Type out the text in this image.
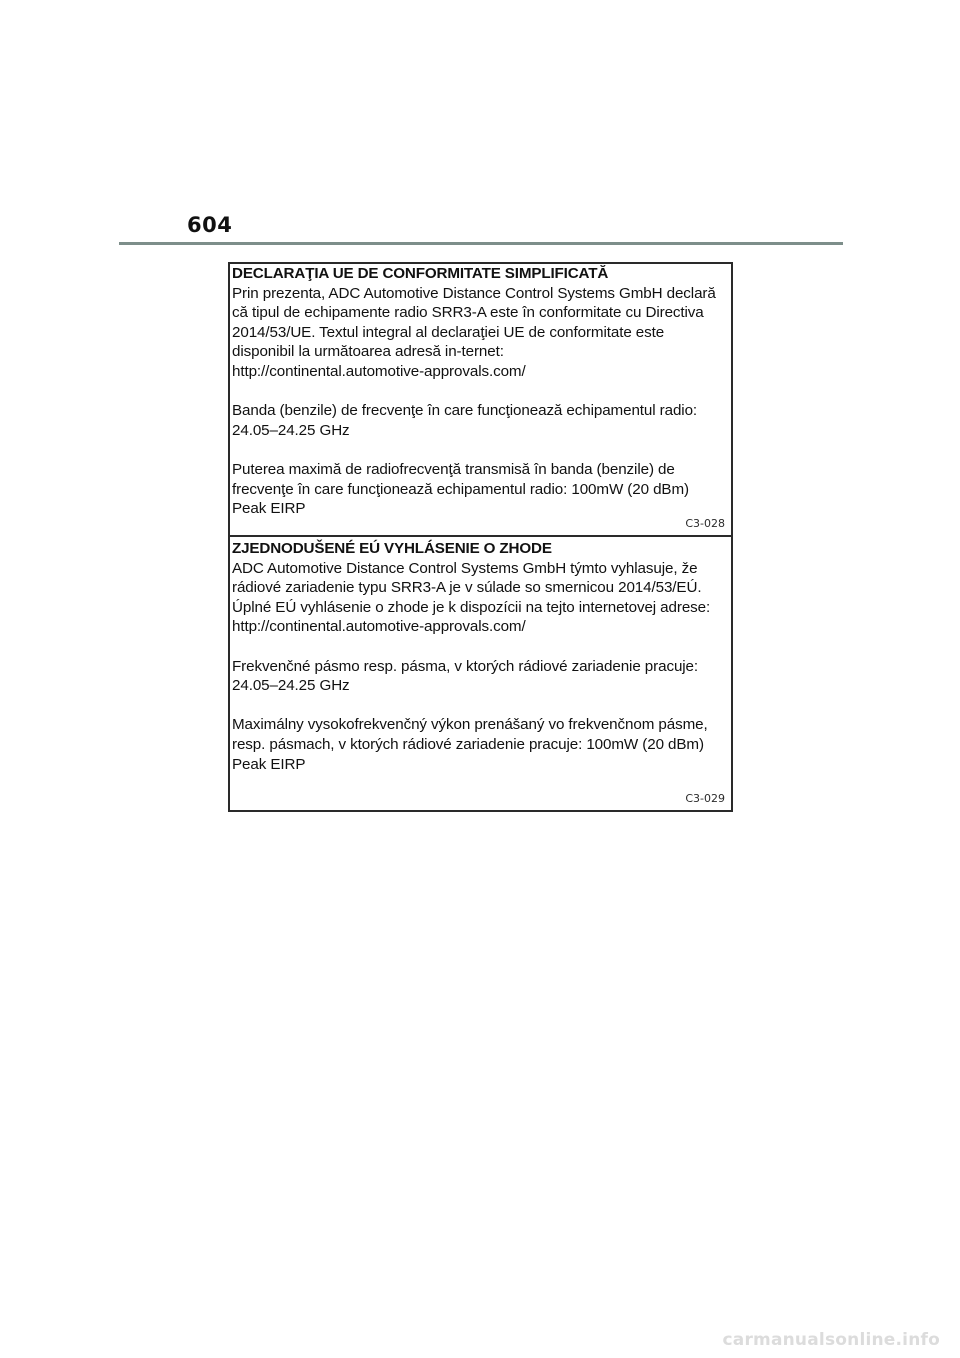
604
DECLARAŢIA UE DE CONFORMITATE SIMPLIFICATĂ
Prin prezenta, ADC Automotive Distance Control Systems GmbH declară
că tipul de echipamente radio SRR3-A este în conformitate cu Directiva
2014/53/UE. Textul integral al declaraţiei UE de conformitate este
disponibil la următoarea adresă in-ternet:
http://continental.automotive-approvals.com/
Banda (benzile) de frecvenţe în care funcţionează echipamentul radio:
24.05–24.25 GHz
Puterea maximă de radiofrecvenţă transmisă în banda (benzile) de
frecvenţe în care funcţionează echipamentul radio: 100mW (20 dBm)
Peak EIRP
C3-028
ZJEDNODUŠENÉ EÚ VYHLÁSENIE O ZHODE
ADC Automotive Distance Control Systems GmbH týmto vyhlasuje, že
rádiové zariadenie typu SRR3-A je v súlade so smernicou 2014/53/EÚ.
Úplné EÚ vyhlásenie o zhode je k dispozícii na tejto internetovej adrese:
http://continental.automotive-approvals.com/
Frekvenčné pásmo resp. pásma, v ktorých rádiové zariadenie pracuje:
24.05–24.25 GHz
Maximálny vysokofrekvenčný výkon prenášaný vo frekvenčnom pásme,
resp. pásmach, v ktorých rádiové zariadenie pracuje: 100mW (20 dBm)
Peak EIRP
C3-029
carmanualsonline.info
